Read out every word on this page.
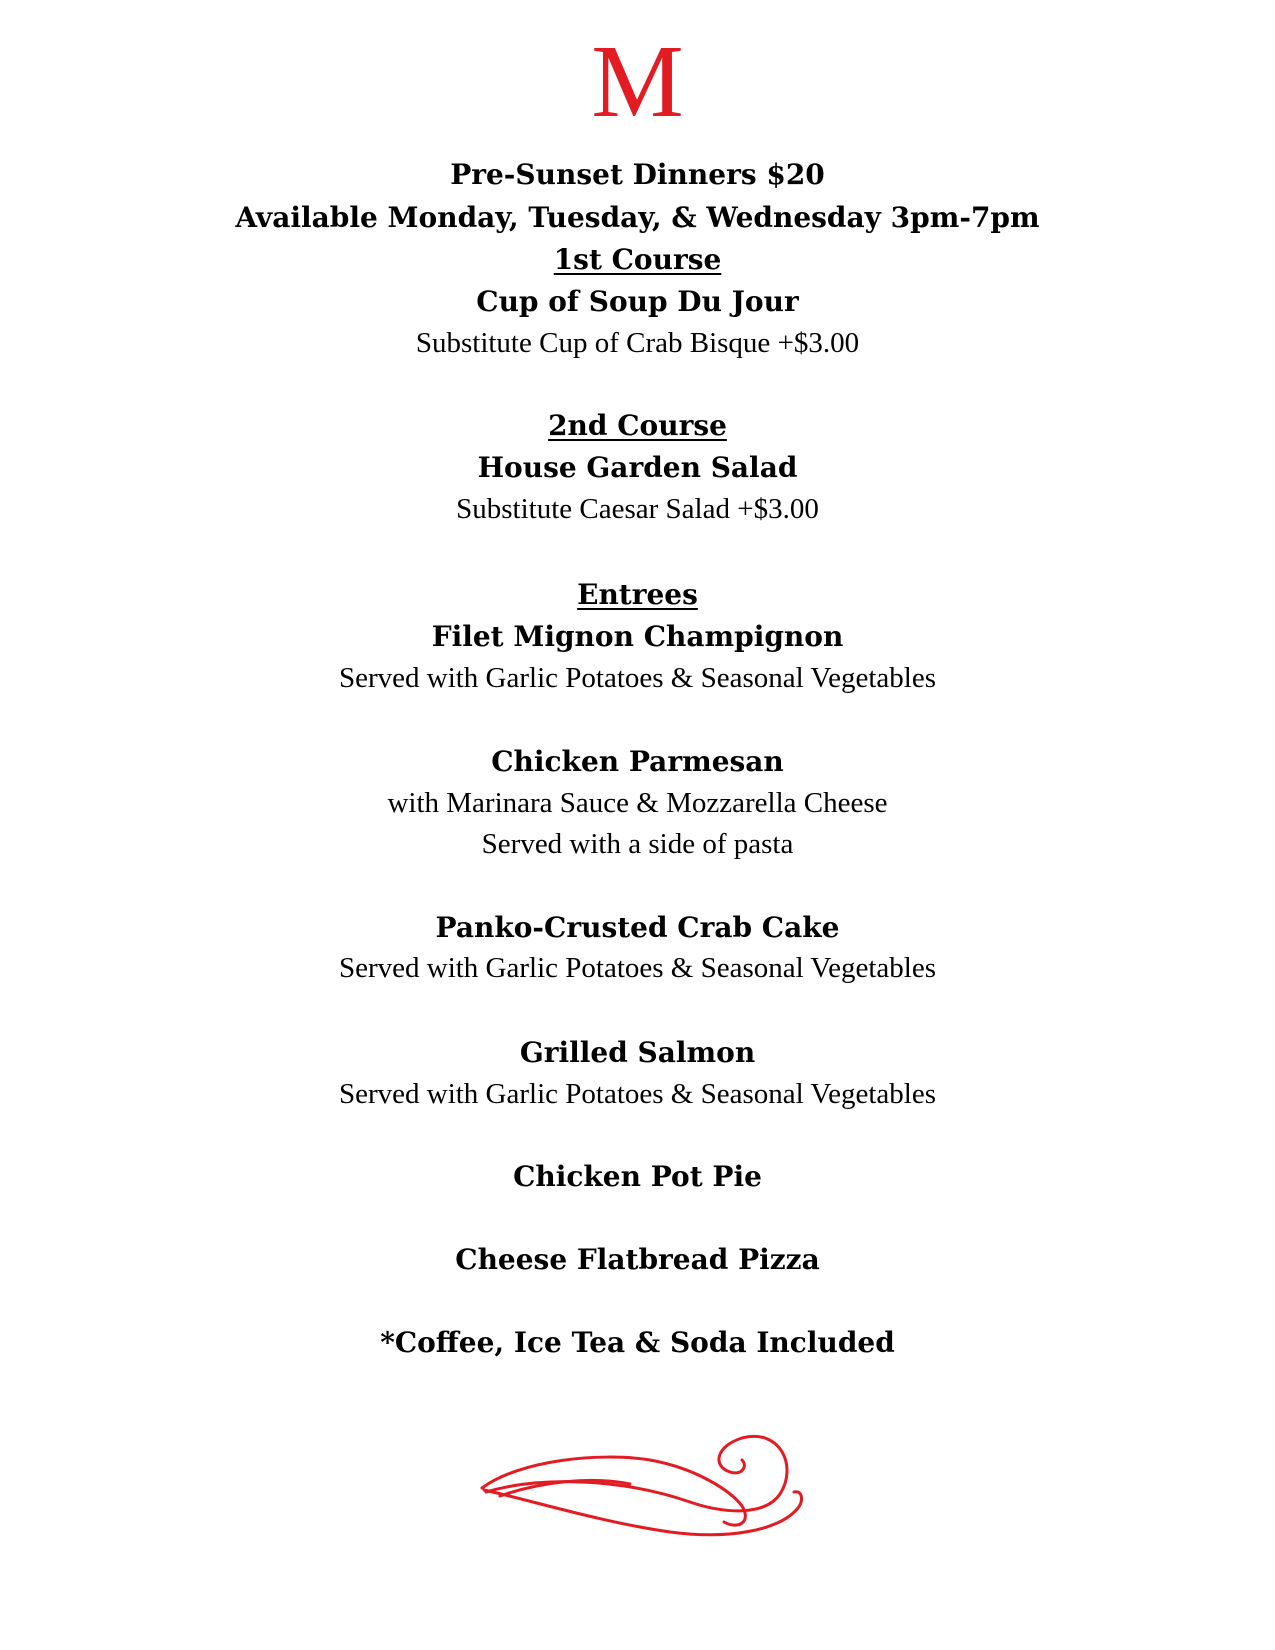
M
Pre-Sunset Dinners $20
Available Monday, Tuesday, & Wednesday 3pm-7pm
1st Course
Cup of Soup Du Jour
Substitute Cup of Crab Bisque +$3.00
2nd Course
House Garden Salad
Substitute Caesar Salad +$3.00
Entrees
Filet Mignon Champignon
Served with Garlic Potatoes & Seasonal Vegetables
Chicken Parmesan
with Marinara Sauce & Mozzarella Cheese
Served with a side of pasta
Panko-Crusted Crab Cake
Served with Garlic Potatoes & Seasonal Vegetables
Grilled Salmon
Served with Garlic Potatoes & Seasonal Vegetables
Chicken Pot Pie
Cheese Flatbread Pizza
*Coffee, Ice Tea & Soda Included
